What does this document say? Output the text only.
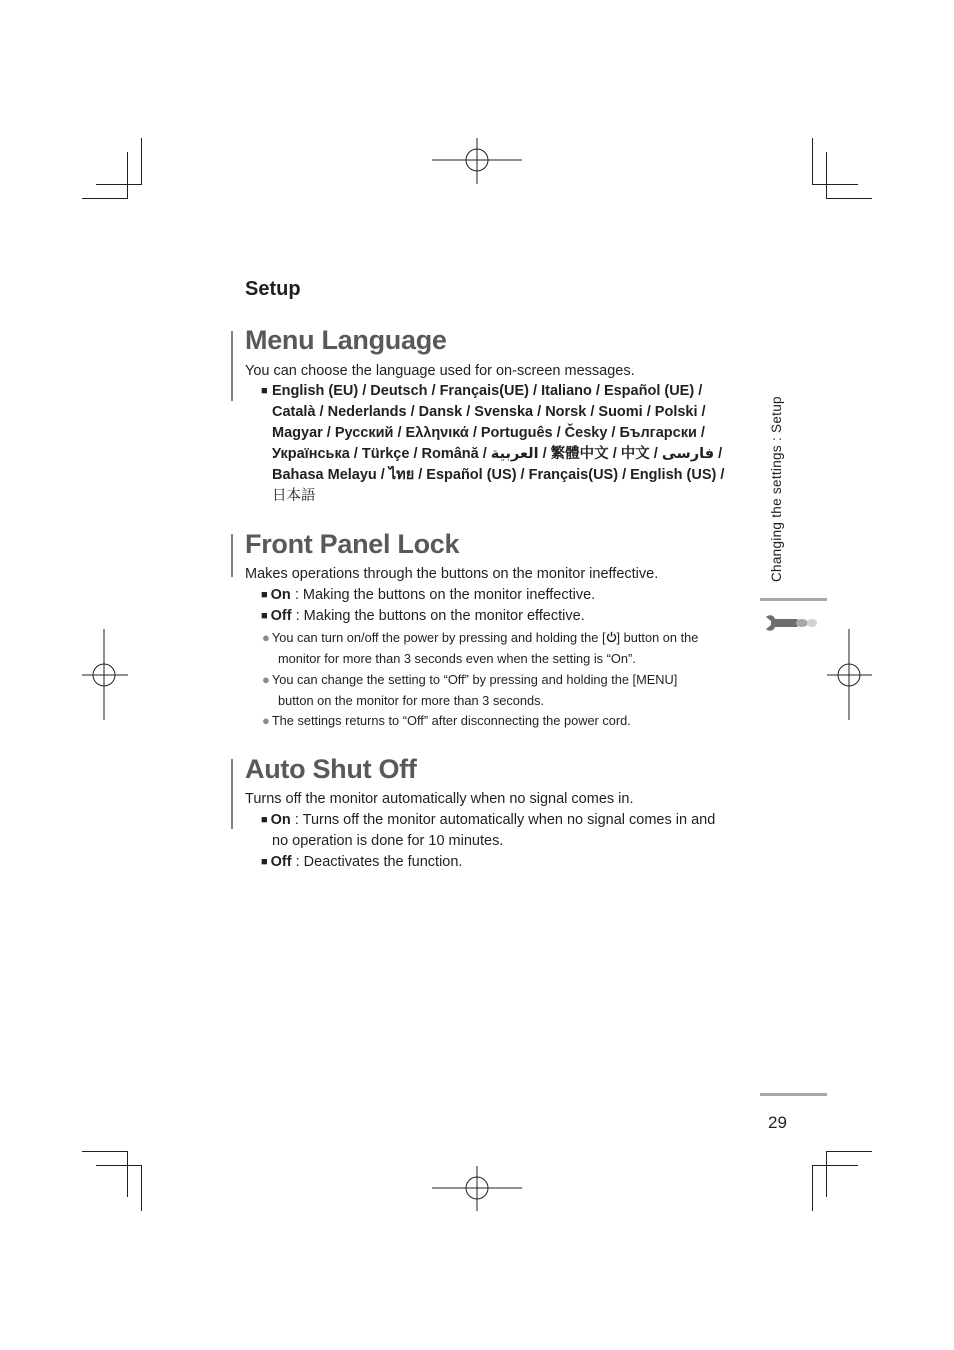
Setup
Menu Language
You can choose the language used for on-screen messages.
■ English (EU) / Deutsch / Français(UE) / Italiano / Español (UE) /
Català / Nederlands / Dansk / Svenska / Norsk / Suomi / Polski /
Magyar / Русский / Ελληνικά / Português / Česky / Български /
Українська / Türkçe / Română / العربية / 繁體中文 / 中文 / فارسی /
Bahasa Melayu / ไทย / Español (US) / Français(US) / English (US) /
日本語
Front Panel Lock
Makes operations through the buttons on the monitor ineffective.
■ On : Making the buttons on the monitor ineffective.
■ Off : Making the buttons on the monitor effective.
● You can turn on/off the power by pressing and holding the [ ] button on the
monitor for more than 3 seconds even when the setting is “On”.
● You can change the setting to “Off” by pressing and holding the [MENU]
button on the monitor for more than 3 seconds.
● The settings returns to “Off” after disconnecting the power cord.
Auto Shut Off
Turns off the monitor automatically when no signal comes in.
■ On : Turns off the monitor automatically when no signal comes in and
no operation is done for 10 minutes.
■ Off : Deactivates the function.
Changing the settings : Setup
29
